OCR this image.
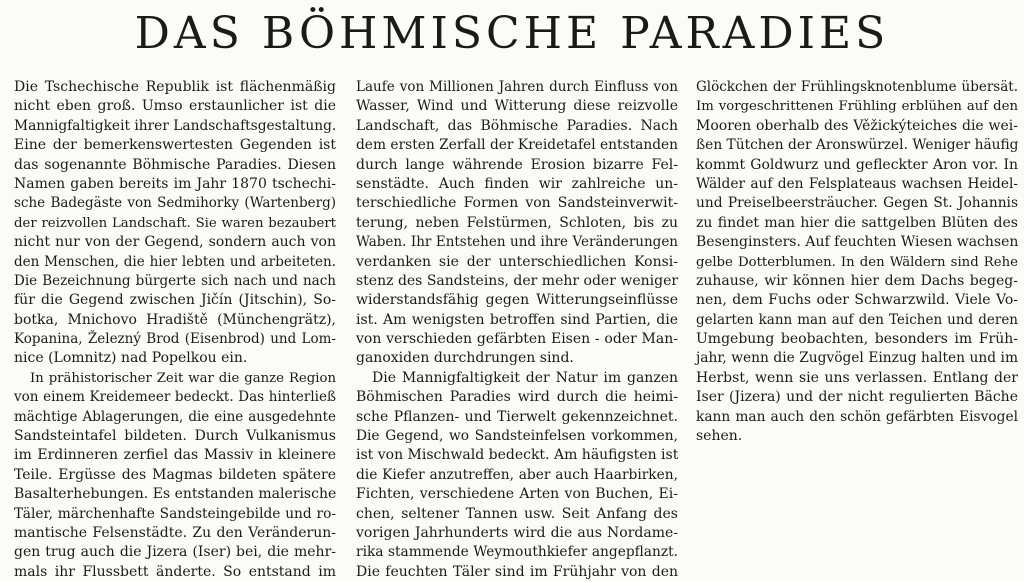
DAS BÖHMISCHE PARADIES
Die Tschechische Republik ist flächenmäßig
nicht eben groß. Umso erstaunlicher ist die
Mannigfaltigkeit ihrer Landschaftsgestaltung.
Eine der bemerkenswertesten Gegenden ist
das sogenannte Böhmische Paradies. Diesen
Namen gaben bereits im Jahr 1870 tschechi-
sche Badegäste von Sedmihorky (Wartenberg)
der reizvollen Landschaft. Sie waren bezaubert
nicht nur von der Gegend, sondern auch von
den Menschen, die hier lebten und arbeiteten.
Die Bezeichnung bürgerte sich nach und nach
für die Gegend zwischen Jičín (Jitschin), So-
botka, Mnichovo Hradiště (Münchengrätz),
Kopanina, Železný Brod (Eisenbrod) und Lom-
nice (Lomnitz) nad Popelkou ein.
In prähistorischer Zeit war die ganze Region
von einem Kreidemeer bedeckt. Das hinterließ
mächtige Ablagerungen, die eine ausgedehnte
Sandsteintafel bildeten. Durch Vulkanismus
im Erdinneren zerfiel das Massiv in kleinere
Teile. Ergüsse des Magmas bildeten spätere
Basalterhebungen. Es entstanden malerische
Täler, märchenhafte Sandsteingebilde und ro-
mantische Felsenstädte. Zu den Veränderun-
gen trug auch die Jizera (Iser) bei, die mehr-
mals ihr Flussbett änderte. So entstand im
Laufe von Millionen Jahren durch Einfluss von
Wasser, Wind und Witterung diese reizvolle
Landschaft, das Böhmische Paradies. Nach
dem ersten Zerfall der Kreidetafel entstanden
durch lange währende Erosion bizarre Fel-
senstädte. Auch finden wir zahlreiche un-
terschiedliche Formen von Sandsteinverwit-
terung, neben Felstürmen, Schloten, bis zu
Waben. Ihr Entstehen und ihre Veränderungen
verdanken sie der unterschiedlichen Konsi-
stenz des Sandsteins, der mehr oder weniger
widerstandsfähig gegen Witterungseinflüsse
ist. Am wenigsten betroffen sind Partien, die
von verschieden gefärbten Eisen - oder Man-
ganoxiden durchdrungen sind.
Die Mannigfaltigkeit der Natur im ganzen
Böhmischen Paradies wird durch die heimi-
sche Pflanzen- und Tierwelt gekennzeichnet.
Die Gegend, wo Sandsteinfelsen vorkommen,
ist von Mischwald bedeckt. Am häufigsten ist
die Kiefer anzutreffen, aber auch Haarbirken,
Fichten, verschiedene Arten von Buchen, Ei-
chen, seltener Tannen usw. Seit Anfang des
vorigen Jahrhunderts wird die aus Nordame-
rika stammende Weymouthkiefer angepflanzt.
Die feuchten Täler sind im Frühjahr von den
Glöckchen der Frühlingsknotenblume übersät.
Im vorgeschrittenen Frühling erblühen auf den
Mooren oberhalb des Věžickýteiches die wei-
ßen Tütchen der Aronswürzel. Weniger häufig
kommt Goldwurz und gefleckter Aron vor. In
Wälder auf den Felsplateaus wachsen Heidel-
und Preiselbeersträucher. Gegen St. Johannis
zu findet man hier die sattgelben Blüten des
Besenginsters. Auf feuchten Wiesen wachsen
gelbe Dotterblumen. In den Wäldern sind Rehe
zuhause, wir können hier dem Dachs begeg-
nen, dem Fuchs oder Schwarzwild. Viele Vo-
gelarten kann man auf den Teichen und deren
Umgebung beobachten, besonders im Früh-
jahr, wenn die Zugvögel Einzug halten und im
Herbst, wenn sie uns verlassen. Entlang der
Iser (Jizera) und der nicht regulierten Bäche
kann man auch den schön gefärbten Eisvogel
sehen.
